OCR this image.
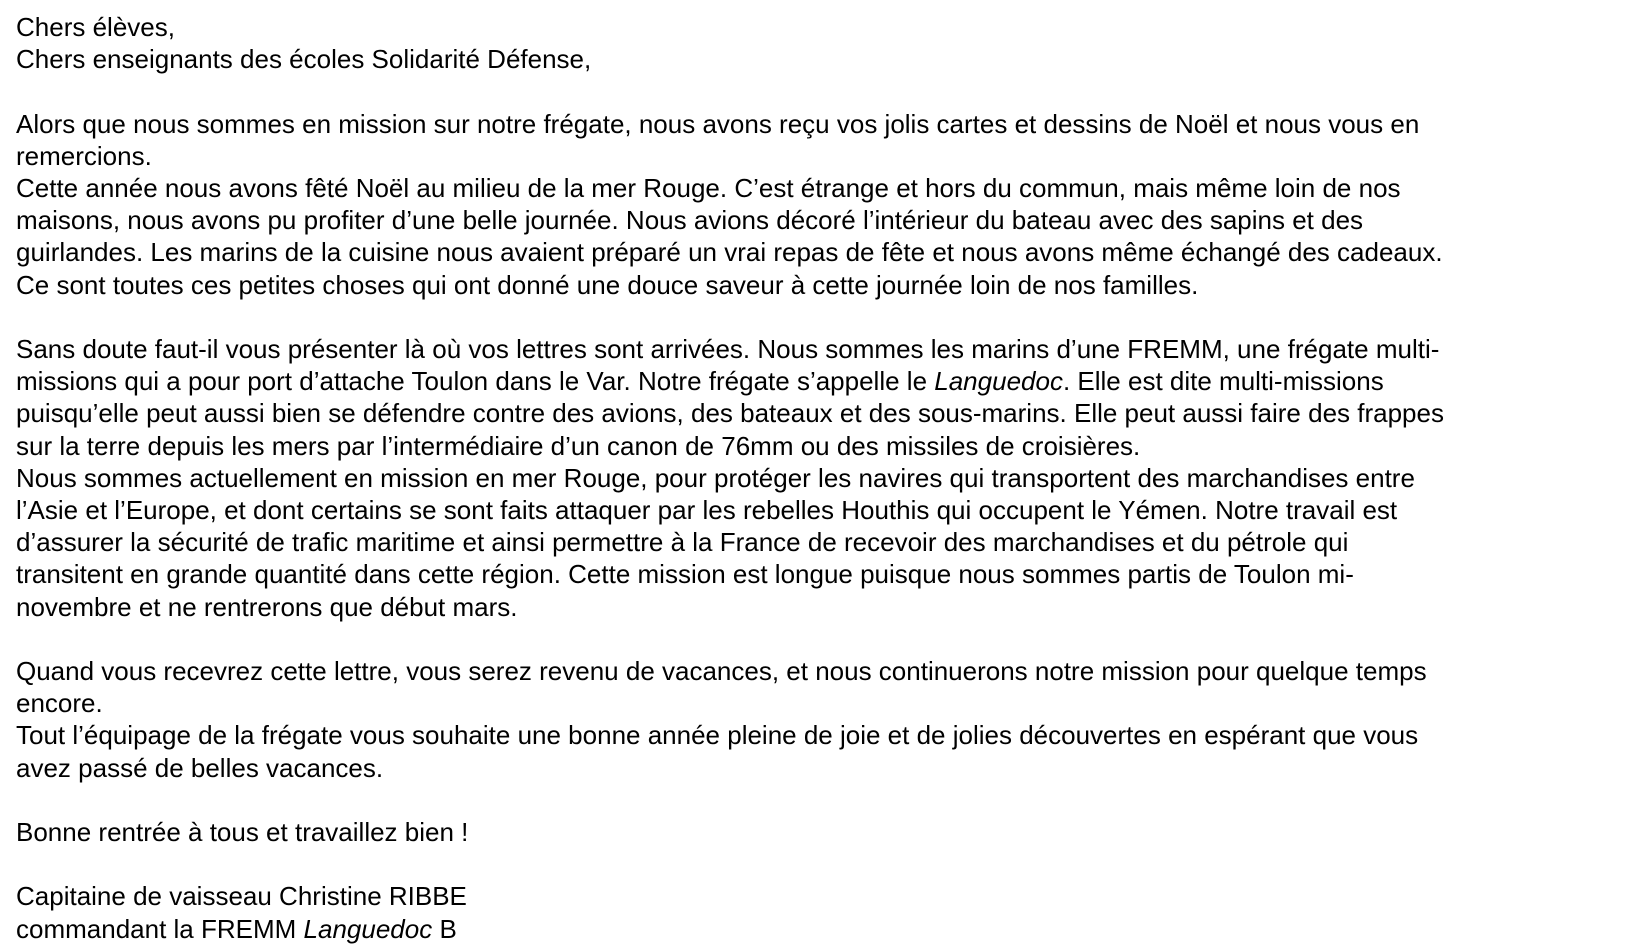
Chers élèves,
Chers enseignants des écoles Solidarité Défense,
Alors que nous sommes en mission sur notre frégate, nous avons reçu vos jolis cartes et dessins de Noël et nous vous en
remercions.
Cette année nous avons fêté Noël au milieu de la mer Rouge. C’est étrange et hors du commun, mais même loin de nos
maisons, nous avons pu profiter d’une belle journée. Nous avions décoré l’intérieur du bateau avec des sapins et des
guirlandes. Les marins de la cuisine nous avaient préparé un vrai repas de fête et nous avons même échangé des cadeaux.
Ce sont toutes ces petites choses qui ont donné une douce saveur à cette journée loin de nos familles.
Sans doute faut-il vous présenter là où vos lettres sont arrivées. Nous sommes les marins d’une FREMM, une frégate multi-
missions qui a pour port d’attache Toulon dans le Var. Notre frégate s’appelle le Languedoc. Elle est dite multi-missions
puisqu’elle peut aussi bien se défendre contre des avions, des bateaux et des sous-marins. Elle peut aussi faire des frappes
sur la terre depuis les mers par l’intermédiaire d’un canon de 76mm ou des missiles de croisières.
Nous sommes actuellement en mission en mer Rouge, pour protéger les navires qui transportent des marchandises entre
l’Asie et l’Europe, et dont certains se sont faits attaquer par les rebelles Houthis qui occupent le Yémen. Notre travail est
d’assurer la sécurité de trafic maritime et ainsi permettre à la France de recevoir des marchandises et du pétrole qui
transitent en grande quantité dans cette région. Cette mission est longue puisque nous sommes partis de Toulon mi-
novembre et ne rentrerons que début mars.
Quand vous recevrez cette lettre, vous serez revenu de vacances, et nous continuerons notre mission pour quelque temps
encore.
Tout l’équipage de la frégate vous souhaite une bonne année pleine de joie et de jolies découvertes en espérant que vous
avez passé de belles vacances.
Bonne rentrée à tous et travaillez bien !
Capitaine de vaisseau Christine RIBBE
commandant la FREMM Languedoc B
